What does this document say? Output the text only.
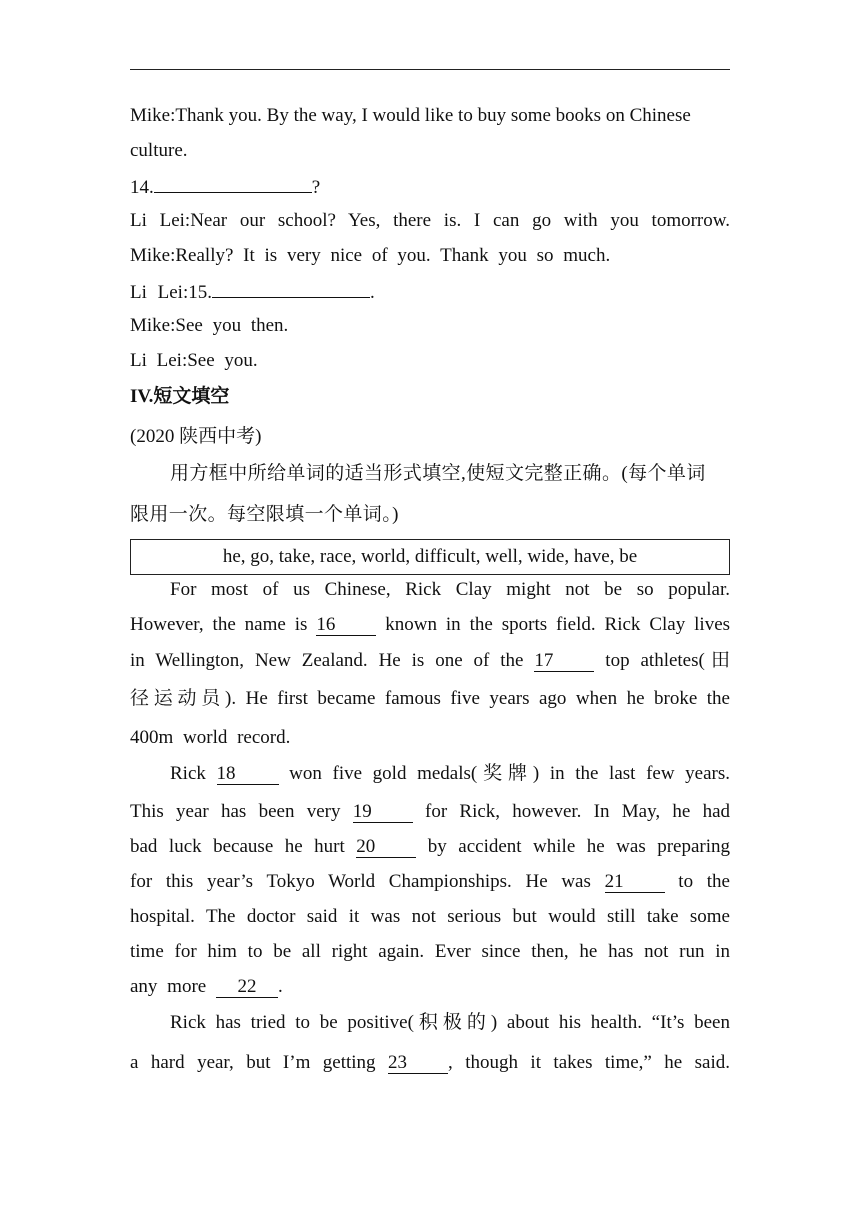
Mike:Thank you. By the way, I would like to buy some books on Chinese
culture.
14.	?
Li Lei:Near our school? Yes, there is. I can go with you tomorrow.
Mike:Really? It is very nice of you. Thank you so much.
Li Lei:15.	.
Mike:See you then.
Li Lei:See you.
IV.短文填空
(2020 陕西中考)
用方框中所给单词的适当形式填空,使短文完整正确。(每个单词
限用一次。每空限填一个单词。)
he, go, take, race, world, difficult, well, wide, have, be
For most of us Chinese, Rick Clay might not be so popular.
However, the name is 16	known in the sports field. Rick Clay lives
in Wellington, New Zealand. He is one of the 17	top athletes(田
径运动员). He first became famous five years ago when he broke the
400m world record.
Rick 18	won five gold medals(奖牌) in the last few years.
This year has been very 19	for Rick, however. In May, he had
bad luck because he hurt 20	by accident while he was preparing
for this year’s Tokyo World Championships. He was 21	to the
hospital. The doctor said it was not serious but would still take some
time for him to be all right again. Ever since then, he has not run in
any more 22 .
Rick has tried to be positive(积极的) about his health. “It’s been
a hard year, but I’m getting 23 , though it takes time,” he said.
